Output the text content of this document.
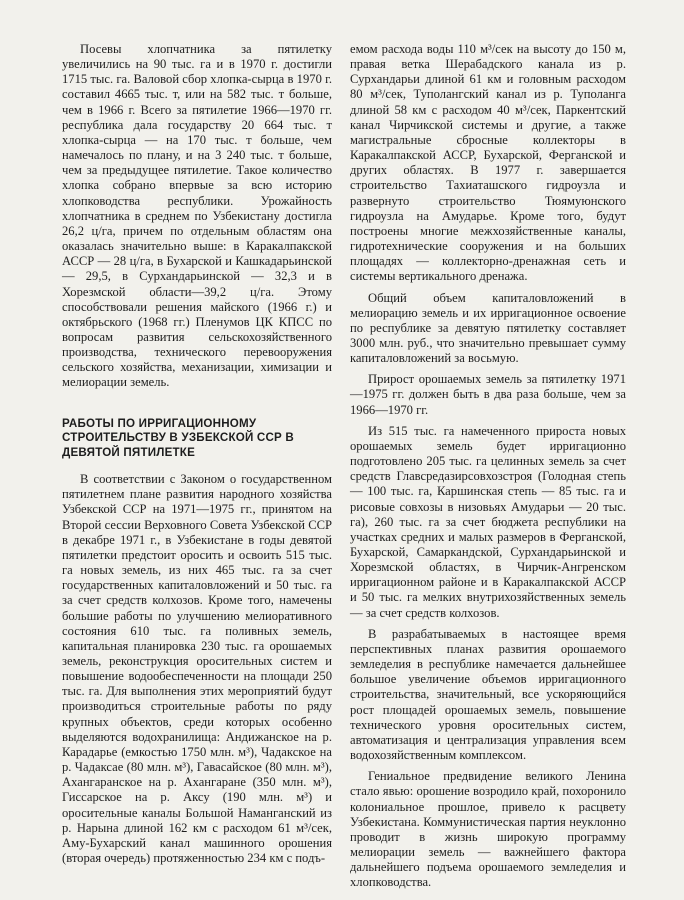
Посевы хлопчатника за пятилетку увеличились на 90 тыс. га и в 1970 г. достигли 1715 тыс. га. Валовой сбор хлопка-сырца в 1970 г. составил 4665 тыс. т, или на 582 тыс. т больше, чем в 1966 г. Всего за пятилетие 1966—1970 гг. республика дала государству 20 664 тыс. т хлопка-сырца — на 170 тыс. т больше, чем намечалось по плану, и на 3 240 тыс. т больше, чем за предыдущее пятилетие. Такое количество хлопка собрано впервые за всю историю хлопководства республики. Урожайность хлопчатника в среднем по Узбекистану достигла 26,2 ц/га, причем по отдельным областям она оказалась значительно выше: в Каракалпакской АССР — 28 ц/га, в Бухарской и Кашкадарьинской — 29,5, в Сурхандарьинской — 32,3 и в Хорезмской области—39,2 ц/га. Этому способствовали решения майского (1966 г.) и октябрьского (1968 гг.) Пленумов ЦК КПСС по вопросам развития сельскохозяйственного производства, технического перевооружения сельского хозяйства, механизации, химизации и мелиорации земель.

РАБОТЫ ПО ИРРИГАЦИОННОМУ СТРОИТЕЛЬСТВУ В УЗБЕКСКОЙ ССР В ДЕВЯТОЙ ПЯТИЛЕТКЕ

В соответствии с Законом о государственном пятилетнем плане развития народного хозяйства Узбекской ССР на 1971—1975 гг., принятом на Второй сессии Верховного Совета Узбекской ССР в декабре 1971 г., в Узбекистане в годы девятой пятилетки предстоит оросить и освоить 515 тыс. га новых земель, из них 465 тыс. га за счет государственных капиталовложений и 50 тыс. га за счет средств колхозов. Кроме того, намечены большие работы по улучшению мелиоративного состояния 610 тыс. га поливных земель, капитальная планировка 230 тыс. га орошаемых земель, реконструкция оросительных систем и повышение водообеспеченности на площади 250 тыс. га. Для выполнения этих мероприятий будут производиться строительные работы по ряду крупных объектов, среди которых особенно выделяются водохранилища: Андижанское на р. Карадарье (емкостью 1750 млн. м³), Чадакское на р. Чадаксае (80 млн. м³), Гавасайское (80 млн. м³), Ахангаранское на р. Ахангаране (350 млн. м³), Гиссарское на р. Аксу (190 млн. м³) и оросительные каналы Большой Наманганский из р. Нарына длиной 162 км с расходом 61 м³/сек, Аму-Бухарский канал машинного орошения (вторая очередь) протяженностью 234 км с подъ-

емом расхода воды 110 м³/сек на высоту до 150 м, правая ветка Шерабадского канала из р. Сурхандарьи длиной 61 км и головным расходом 80 м³/сек, Туполангский канал из р. Туполанга длиной 58 км с расходом 40 м³/сек, Паркентский канал Чирчикской системы и другие, а также магистральные сбросные коллекторы в Каракалпакской АССР, Бухарской, Ферганской и других областях. В 1977 г. завершается строительство Тахиаташского гидроузла и развернуто строительство Тюямуюнского гидроузла на Амударье. Кроме того, будут построены многие межхозяйственные каналы, гидротехнические сооружения и на больших площадях — коллекторно-дренажная сеть и системы вертикального дренажа.

Общий объем капиталовложений в мелиорацию земель и их ирригационное освоение по республике за девятую пятилетку составляет 3000 млн. руб., что значительно превышает сумму капиталовложений за восьмую.

Прирост орошаемых земель за пятилетку 1971—1975 гг. должен быть в два раза больше, чем за 1966—1970 гг.

Из 515 тыс. га намеченного прироста новых орошаемых земель будет ирригационно подготовлено 205 тыс. га целинных земель за счет средств Главсредазирсовхозстроя (Голодная степь — 100 тыс. га, Каршинская степь — 85 тыс. га и рисовые совхозы в низовьях Амударьи — 20 тыс. га), 260 тыс. га за счет бюджета республики на участках средних и малых размеров в Ферганской, Бухарской, Самаркандской, Сурхандарьинской и Хорезмской областях, в Чирчик-Ангренском ирригационном районе и в Каракалпакской АССР и 50 тыс. га мелких внутрихозяйственных земель — за счет средств колхозов.

В разрабатываемых в настоящее время перспективных планах развития орошаемого земледелия в республике намечается дальнейшее большое увеличение объемов ирригационного строительства, значительный, все ускоряющийся рост площадей орошаемых земель, повышение технического уровня оросительных систем, автоматизация и централизация управления всем водохозяйственным комплексом.

Гениальное предвидение великого Ленина стало явью: орошение возродило край, похоронило колониальное прошлое, привело к расцвету Узбекистана. Коммунистическая партия неуклонно проводит в жизнь широкую программу мелиорации земель — важнейшего фактора дальнейшего подъема орошаемого земледелия и хлопководства.
